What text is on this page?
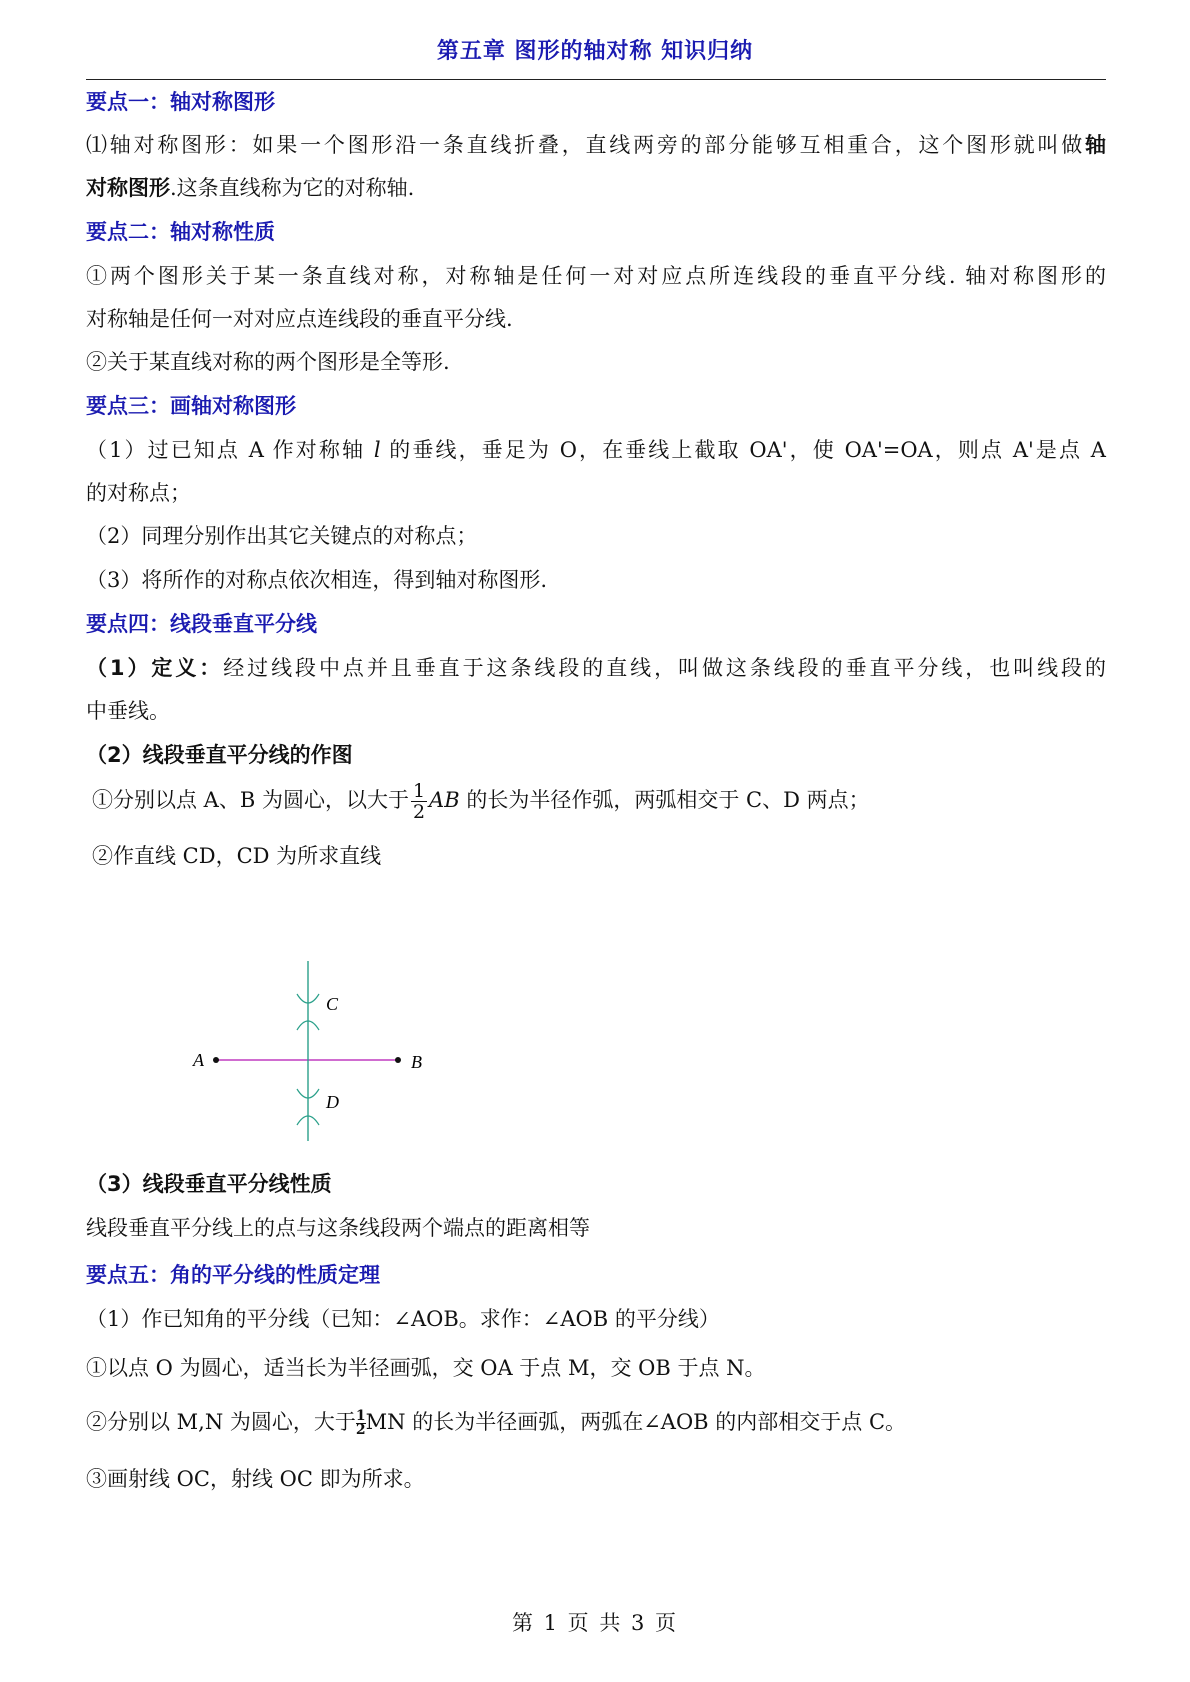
第五章 图形的轴对称 知识归纳
要点一：轴对称图形
⑴轴对称图形：如果一个图形沿一条直线折叠，直线两旁的部分能够互相重合，这个图形就叫做轴
对称图形.这条直线称为它的对称轴.
要点二：轴对称性质
①两个图形关于某一条直线对称，对称轴是任何一对对应点所连线段的垂直平分线. 轴对称图形的
对称轴是任何一对对应点连线段的垂直平分线.
②关于某直线对称的两个图形是全等形.
要点三：画轴对称图形
（1）过已知点 A 作对称轴 l 的垂线，垂足为 O，在垂线上截取 OA'，使 OA'=OA，则点 A'是点 A
的对称点；
（2）同理分别作出其它关键点的对称点；
（3）将所作的对称点依次相连，得到轴对称图形.
要点四：线段垂直平分线
（1）定义：经过线段中点并且垂直于这条线段的直线，叫做这条线段的垂直平分线，也叫线段的
中垂线。
（2）线段垂直平分线的作图
①分别以点 A、B 为圆心，以大于 $\frac{1}{2}$ AB 的长为半径作弧，两弧相交于 C、D 两点；
②作直线 CD，CD 为所求直线
A	B
C
D
（3）线段垂直平分线性质
线段垂直平分线上的点与这条线段两个端点的距离相等
要点五：角的平分线的性质定理
（1）作已知角的平分线（已知：∠AOB。求作：∠AOB 的平分线）
①以点 O 为圆心，适当长为半径画弧，交 OA 于点 M，交 OB 于点 N。
②分别以 M,N 为圆心，大于 $\frac{1}{2}$ MN 的长为半径画弧，两弧在∠AOB 的内部相交于点 C。
③画射线 OC，射线 OC 即为所求。
第 1 页 共 3 页
